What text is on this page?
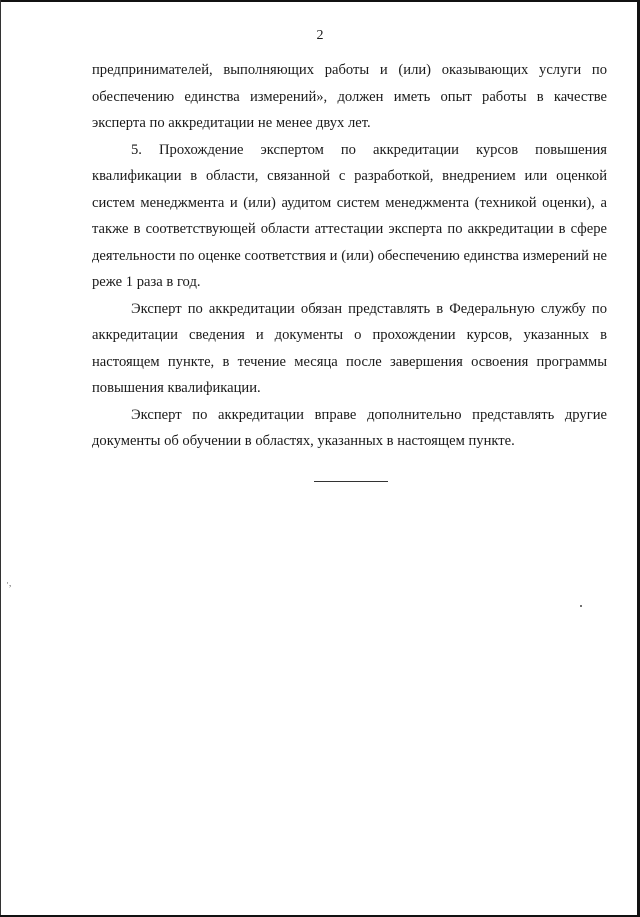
2

предпринимателей, выполняющих работы и (или) оказывающих услуги по обеспечению единства измерений», должен иметь опыт работы в качестве эксперта по аккредитации не менее двух лет.

5. Прохождение экспертом по аккредитации курсов повышения квалификации в области, связанной с разработкой, внедрением или оценкой систем менеджмента и (или) аудитом систем менеджмента (техникой оценки), а также в соответствующей области аттестации эксперта по аккредитации в сфере деятельности по оценке соответствия и (или) обеспечению единства измерений не реже 1 раза в год.

Эксперт по аккредитации обязан представлять в Федеральную службу по аккредитации сведения и документы о прохождении курсов, указанных в настоящем пункте, в течение месяца после завершения освоения программы повышения квалификации.

Эксперт по аккредитации вправе дополнительно представлять другие документы об обучении в областях, указанных в настоящем пункте.

·,
